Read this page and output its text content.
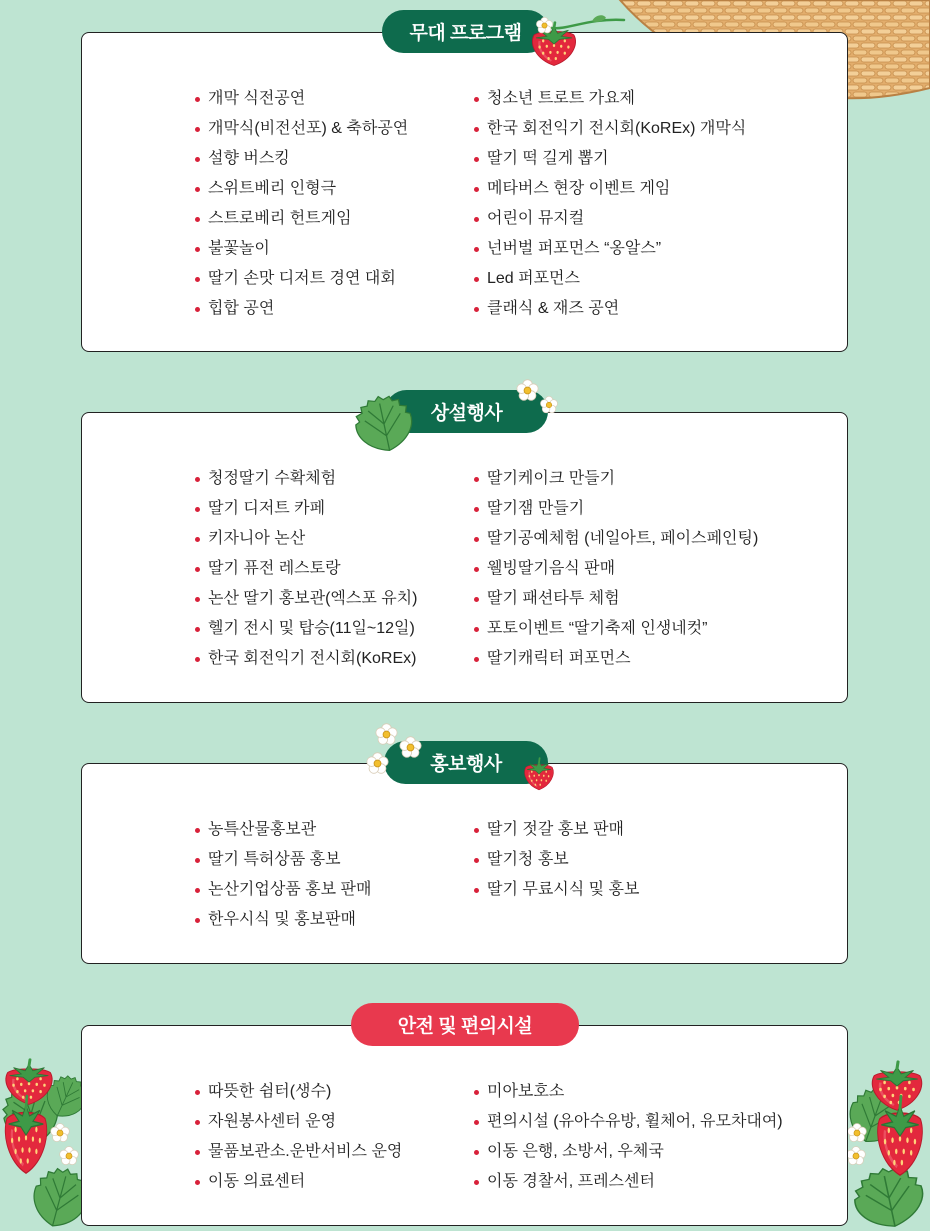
무대 프로그램
개막 식전공연
개막식(비전선포) & 축하공연
설향 버스킹
스위트베리 인형극
스트로베리 헌트게임
불꽃놀이
딸기 손맛 디저트 경연 대회
힙합 공연
청소년 트로트 가요제
한국 회전익기 전시회(KoREx) 개막식
딸기 떡 길게 뽑기
메타버스 현장 이벤트 게임
어린이 뮤지컬
넌버벌 퍼포먼스 “옹알스”
Led 퍼포먼스
클래식 & 재즈 공연
상설행사
청정딸기 수확체험
딸기 디저트 카페
키자니아 논산
딸기 퓨전 레스토랑
논산 딸기 홍보관(엑스포 유치)
헬기 전시 및 탑승(11일~12일)
한국 회전익기 전시회(KoREx)
딸기케이크 만들기
딸기잼 만들기
딸기공예체험 (네일아트, 페이스페인팅)
웰빙딸기음식 판매
딸기 패션타투 체험
포토이벤트 “딸기축제 인생네컷”
딸기캐릭터 퍼포먼스
홍보행사
농특산물홍보관
딸기 특허상품 홍보
논산기업상품 홍보 판매
한우시식 및 홍보판매
딸기 젓갈 홍보 판매
딸기청 홍보
딸기 무료시식 및 홍보
안전 및 편의시설
따뜻한 쉼터(생수)
자원봉사센터 운영
물품보관소.운반서비스 운영
이동 의료센터
미아보호소
편의시설 (유아수유방, 휠체어, 유모차대여)
이동 은행, 소방서, 우체국
이동 경찰서, 프레스센터
